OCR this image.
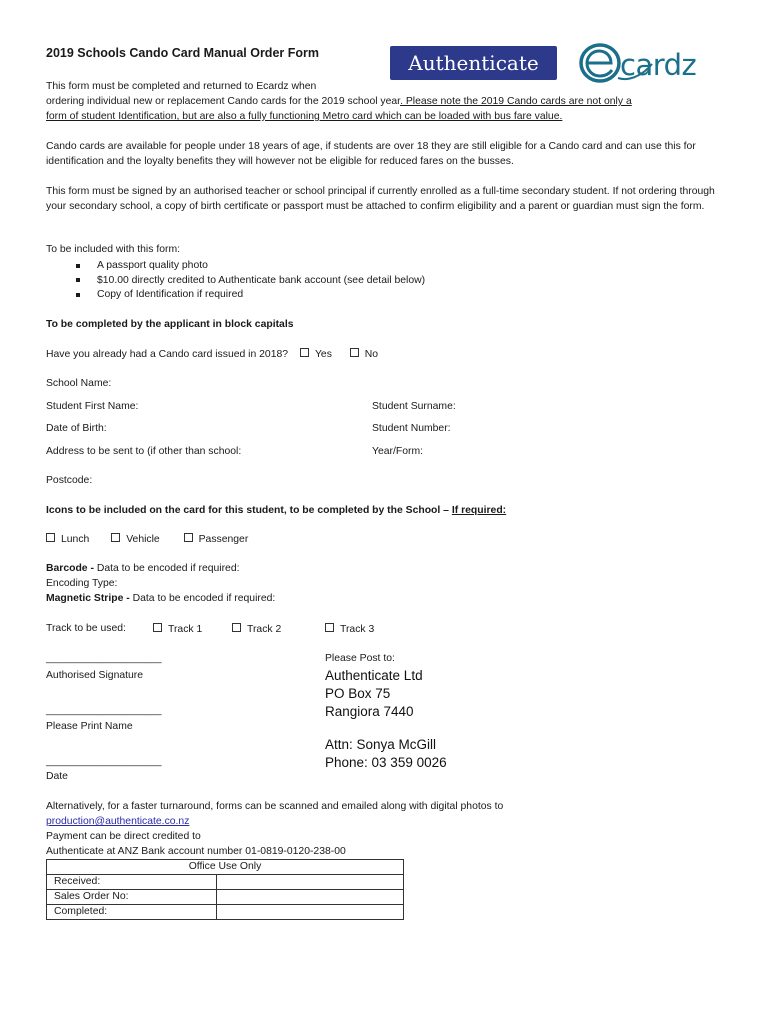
2019 Schools Cando Card Manual Order Form	Authenticate	cardz
This form must be completed and returned to Ecardz when
ordering individual new or replacement Cando cards for the 2019 school year. Please note the 2019 Cando cards are not only a
form of student Identification, but are also a fully functioning Metro card which can be loaded with bus fare value.
Cando cards are available for people under 18 years of age, if students are over 18 they are still eligible for a Cando card and can use this for identification and the loyalty benefits they will however not be eligible for reduced fares on the busses.
This form must be signed by an authorised teacher or school principal if currently enrolled as a full-time secondary student. If not ordering through your secondary school, a copy of birth certificate or passport must be attached to confirm eligibility and a parent or guardian must sign the form.
To be included with this form:
A passport quality photo
$10.00 directly credited to Authenticate bank account (see detail below)
Copy of Identification if required
To be completed by the applicant in block capitals
Have you already had a Cando card issued in 2018?	Yes	No
School Name:
Student First Name:	Student Surname:
Date of Birth:	Student Number:
Address to be sent to (if other than school:	Year/Form:
Postcode:
Icons to be included on the card for this student, to be completed by the School – If required:
Lunch	Vehicle	Passenger
Barcode - Data to be encoded if required:
Encoding Type:
Magnetic Stripe - Data to be encoded if required:
Track to be used:	Track 1	Track 2	Track 3
____________________
Authorised Signature
____________________
Please Print Name
____________________
Date
Please Post to:
Authenticate Ltd
PO Box 75
Rangiora 7440
Attn: Sonya McGill
Phone: 03 359 0026
Alternatively, for a faster turnaround, forms can be scanned and emailed along with digital photos to
production@authenticate.co.nz
Payment can be direct credited to
Authenticate at ANZ Bank account number 01-0819-0120-238-00
Office Use Only	
Received:	
Sales Order No:	
Completed:	
